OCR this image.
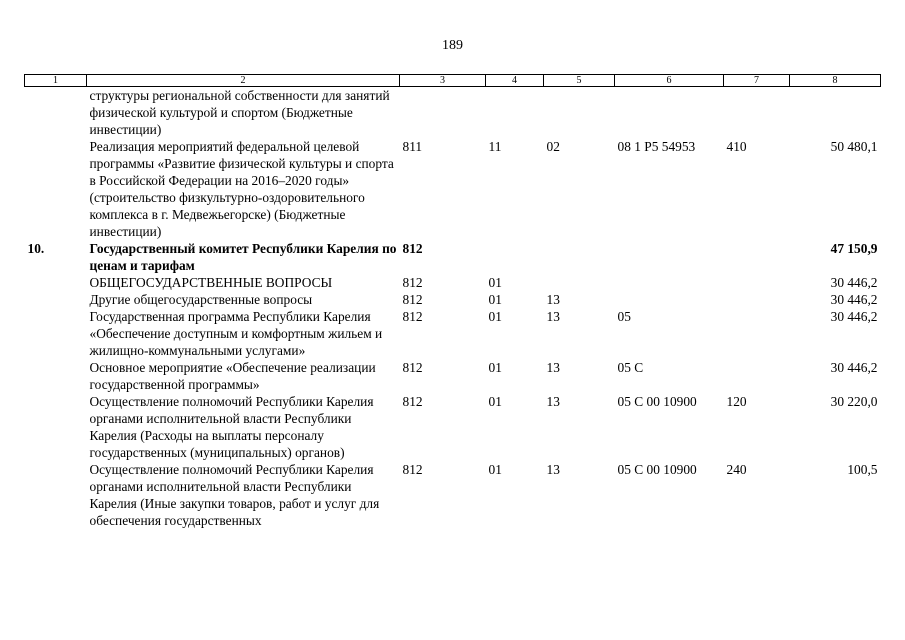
189
1	2	3	4	5	6	7	8
	структуры региональной собственности для занятий физической культурой и спортом (Бюджетные инвестиции)						
	Реализация мероприятий федеральной целевой программы «Развитие физической культуры и спорта в Российской Федерации на 2016–2020 годы» (строительство физкультурно-оздоровительного комплекса в г. Медвежьегорске) (Бюджетные инвестиции)	811	11	02	08 1 Р5 54953	410	50 480,1
10.	Государственный комитет Республики Карелия по ценам и тарифам	812					47 150,9
	ОБЩЕГОСУДАРСТВЕННЫЕ ВОПРОСЫ	812	01				30 446,2
	Другие общегосударственные вопросы	812	01	13			30 446,2
	Государственная программа Республики Карелия «Обеспечение доступным и комфортным жильем и жилищно-коммунальными услугами»	812	01	13	05		30 446,2
	Основное мероприятие «Обеспечение реализации государственной программы»	812	01	13	05 С		30 446,2
	Осуществление полномочий Республики Карелия органами исполнительной власти Республики Карелия (Расходы на выплаты персоналу государственных (муниципальных) органов)	812	01	13	05 С 00 10900	120	30 220,0
	Осуществление полномочий Республики Карелия органами исполнительной власти Республики Карелия (Иные закупки товаров, работ и услуг для обеспечения государственных	812	01	13	05 С 00 10900	240	100,5
